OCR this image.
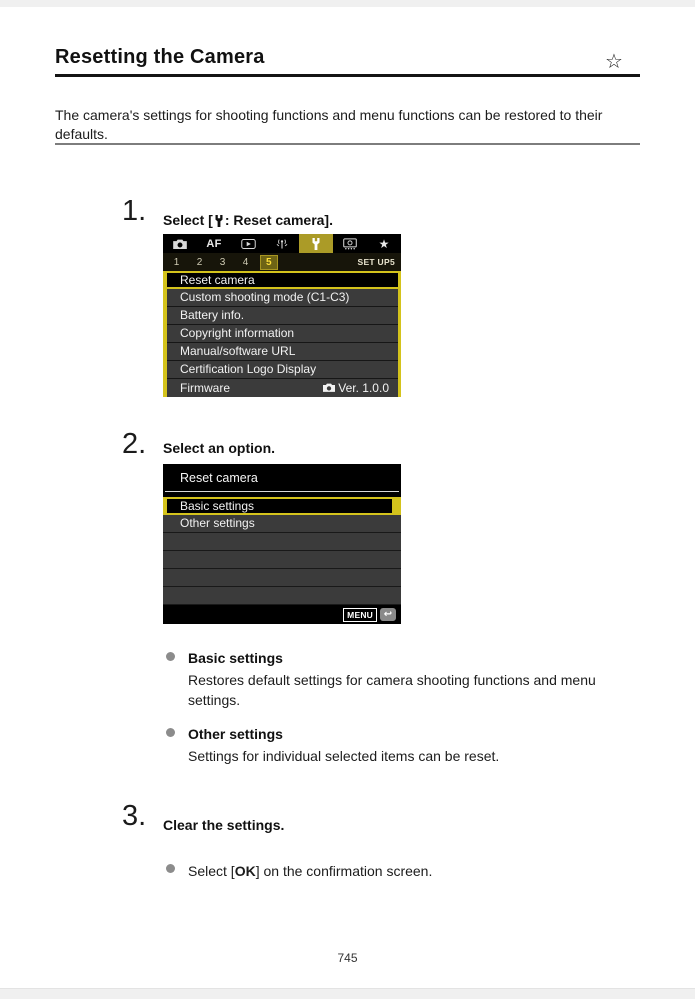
Resetting the Camera	☆

The camera's settings for shooting functions and menu functions can be restored to their defaults.

1. Select [ : Reset camera].
AF	★
1 2 3 4	5	SET UP5
Reset camera
Custom shooting mode (C1-C3)
Battery info.
Copyright information
Manual/software URL
Certification Logo Display
Firmware	Ver. 1.0.0
2. Select an option.
Reset camera
Basic settings
Other settings
MENU	↩
Basic settings
Restores default settings for camera shooting functions and menu settings.
Other settings
Settings for individual selected items can be reset.
3. Clear the settings.
Select [OK] on the confirmation screen.
745
